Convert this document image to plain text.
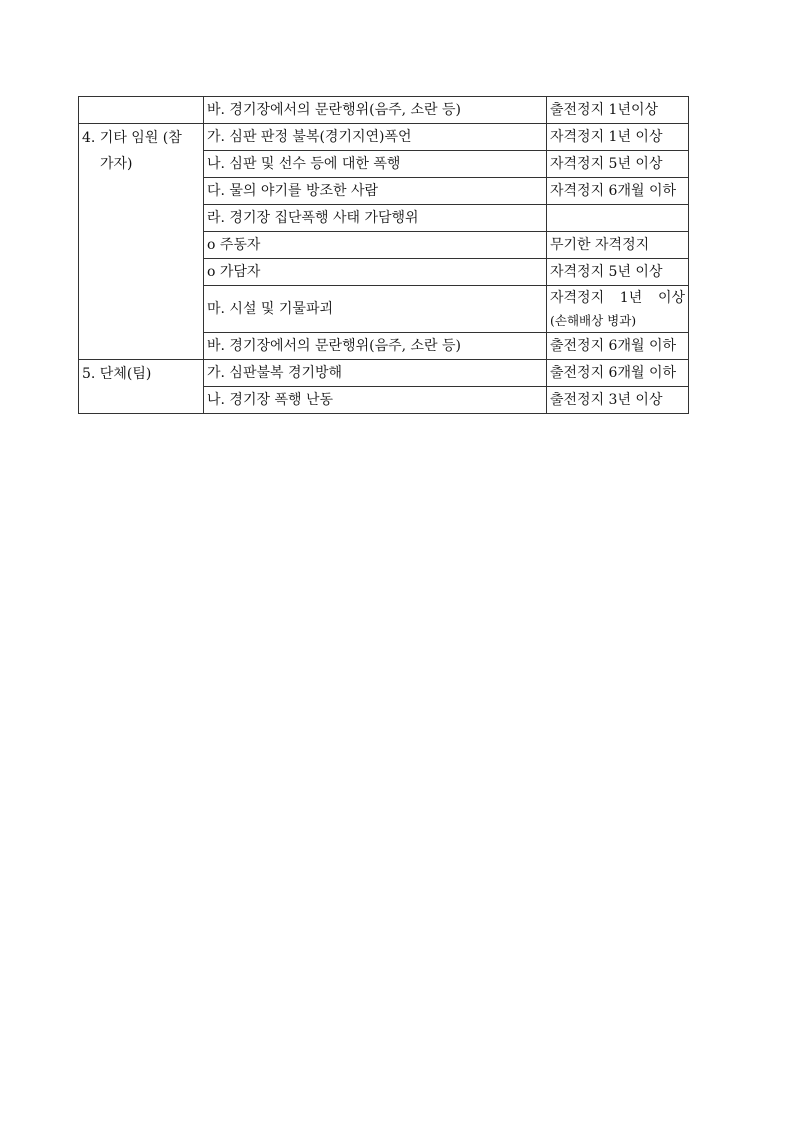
	바. 경기장에서의 문란행위(음주, 소란 등)	출전정지 1년이상

4. 기타 임원 (참
가자)	가. 심판 판정 불복(경기지연)폭언	자격정지 1년 이상
	나. 심판 및 선수 등에 대한 폭행	자격정지 5년 이상
	다. 물의 야기를 방조한 사람	자격정지 6개월 이하
	라. 경기장 집단폭행 사태 가담행위	
	o 주동자	무기한 자격정지
	o 가담자	자격정지 5년 이상
	마. 시설 및 기물파괴	자격정지 1년 이상
(손해배상 병과)

	바. 경기장에서의 문란행위(음주, 소란 등)	출전정지 6개월 이하

5. 단체(팀)	가. 심판불복 경기방해	출전정지 6개월 이하
	나. 경기장 폭행 난동	출전정지 3년 이상
